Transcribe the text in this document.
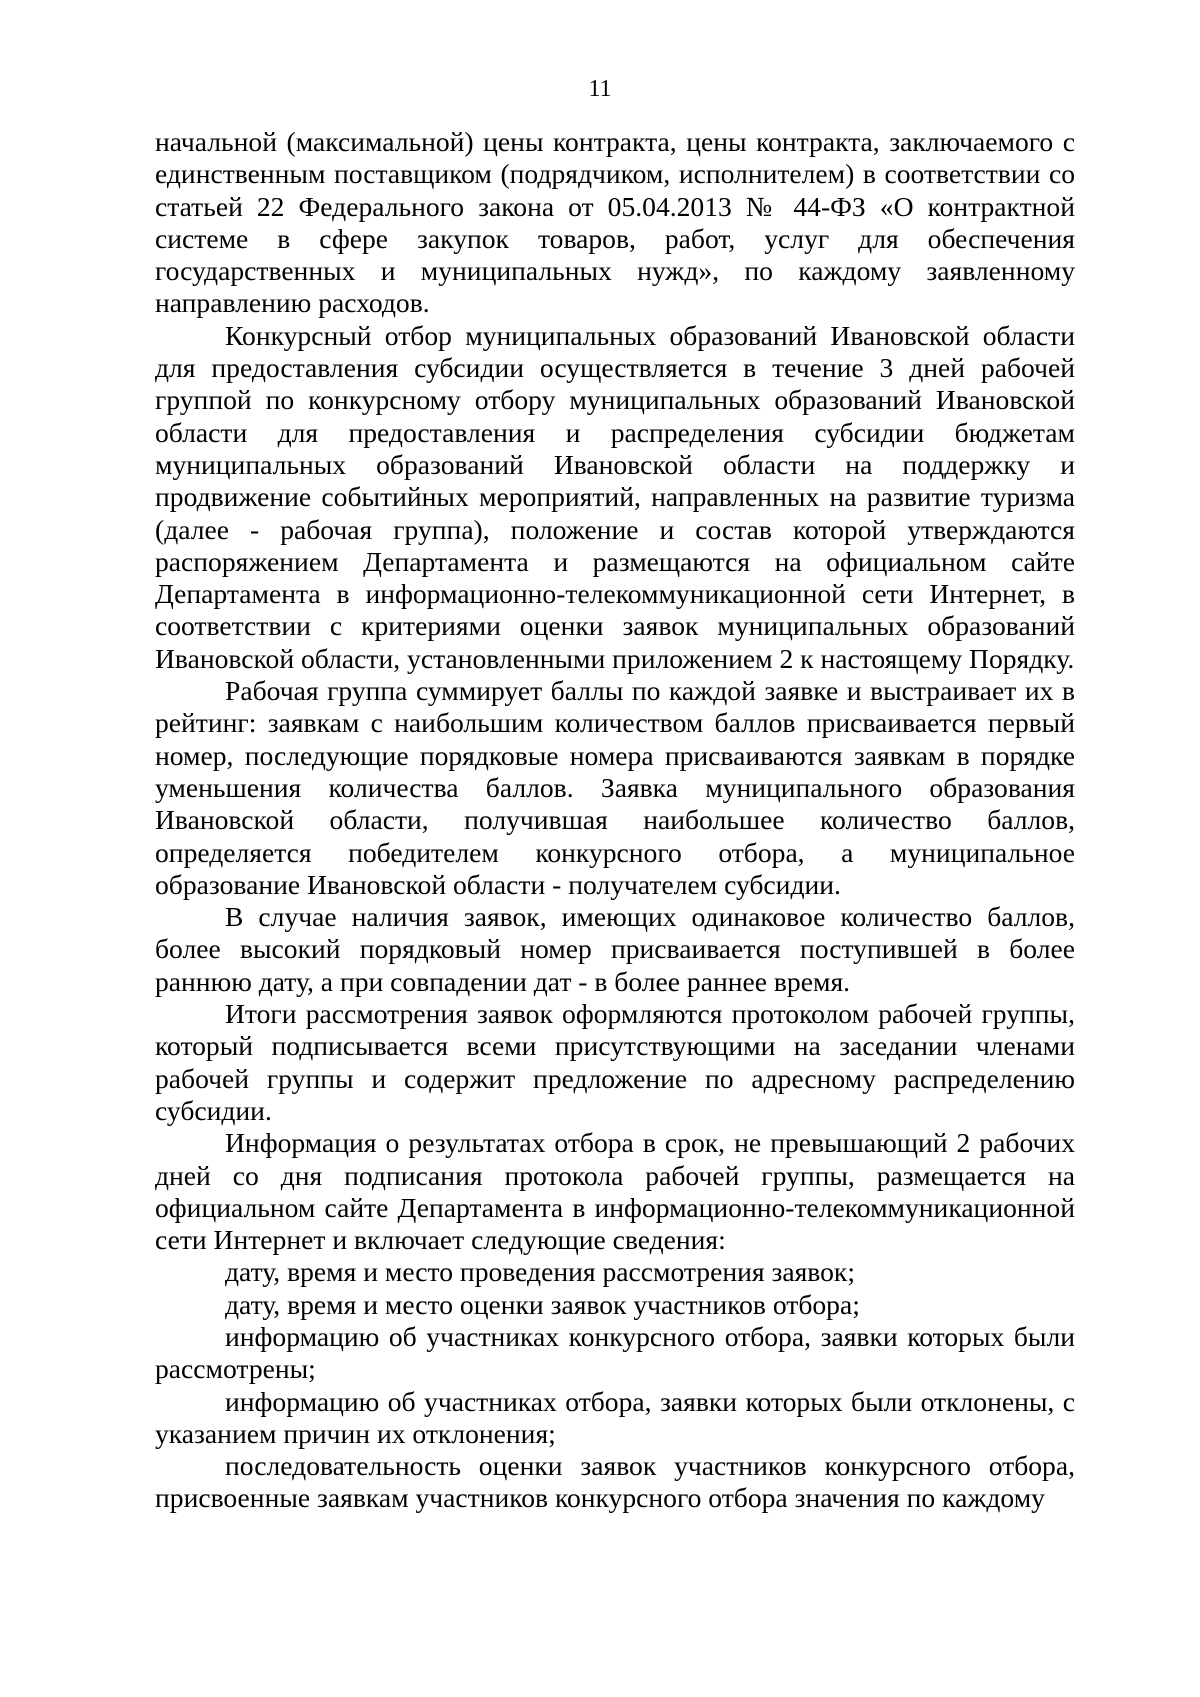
11

начальной (максимальной) цены контракта, цены контракта, заключаемого с единственным поставщиком (подрядчиком, исполнителем) в соответствии со статьей 22 Федерального закона от 05.04.2013 № 44-ФЗ «О контрактной системе в сфере закупок товаров, работ, услуг для обеспечения государственных и муниципальных нужд», по каждому заявленному направлению расходов.

Конкурсный отбор муниципальных образований Ивановской области для предоставления субсидии осуществляется в течение 3 дней рабочей группой по конкурсному отбору муниципальных образований Ивановской области для предоставления и распределения субсидии бюджетам муниципальных образований Ивановской области на поддержку и продвижение событийных мероприятий, направленных на развитие туризма (далее - рабочая группа), положение и состав которой утверждаются распоряжением Департамента и размещаются на официальном сайте Департамента в информационно-телекоммуникационной сети Интернет, в соответствии с критериями оценки заявок муниципальных образований Ивановской области, установленными приложением 2 к настоящему Порядку.

Рабочая группа суммирует баллы по каждой заявке и выстраивает их в рейтинг: заявкам с наибольшим количеством баллов присваивается первый номер, последующие порядковые номера присваиваются заявкам в порядке уменьшения количества баллов. Заявка муниципального образования Ивановской области, получившая наибольшее количество баллов, определяется победителем конкурсного отбора, а муниципальное образование Ивановской области - получателем субсидии.

В случае наличия заявок, имеющих одинаковое количество баллов, более высокий порядковый номер присваивается поступившей в более раннюю дату, а при совпадении дат - в более раннее время.

Итоги рассмотрения заявок оформляются протоколом рабочей группы, который подписывается всеми присутствующими на заседании членами рабочей группы и содержит предложение по адресному распределению субсидии.

Информация о результатах отбора в срок, не превышающий 2 рабочих дней со дня подписания протокола рабочей группы, размещается на официальном сайте Департамента в информационно-телекоммуникационной сети Интернет и включает следующие сведения:

дату, время и место проведения рассмотрения заявок;

дату, время и место оценки заявок участников отбора;

информацию об участниках конкурсного отбора, заявки которых были рассмотрены;

информацию об участниках отбора, заявки которых были отклонены, с указанием причин их отклонения;

последовательность оценки заявок участников конкурсного отбора, присвоенные заявкам участников конкурсного отбора значения по каждому
